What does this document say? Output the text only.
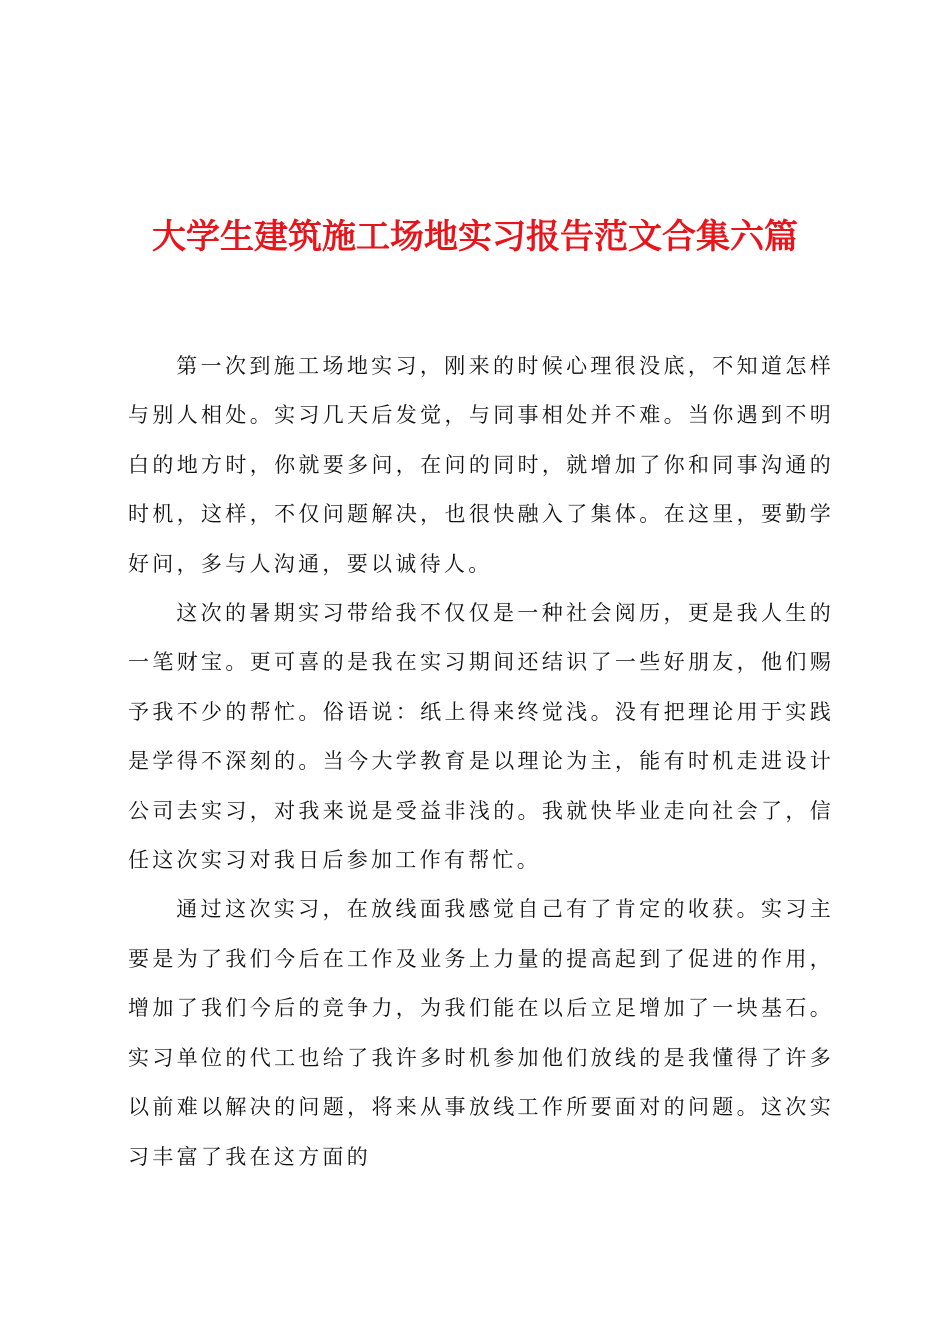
大学生建筑施工场地实习报告范文合集六篇

第一次到施工场地实习，刚来的时候心理很没底，不知道怎样与别人相处。实习几天后发觉，与同事相处并不难。当你遇到不明白的地方时，你就要多问，在问的同时，就增加了你和同事沟通的时机，这样，不仅问题解决，也很快融入了集体。在这里，要勤学好问，多与人沟通，要以诚待人。

这次的暑期实习带给我不仅仅是一种社会阅历，更是我人生的一笔财宝。更可喜的是我在实习期间还结识了一些好朋友，他们赐予我不少的帮忙。俗语说：纸上得来终觉浅。没有把理论用于实践是学得不深刻的。当今大学教育是以理论为主，能有时机走进设计公司去实习，对我来说是受益非浅的。我就快毕业走向社会了，信任这次实习对我日后参加工作有帮忙。

通过这次实习，在放线面我感觉自己有了肯定的收获。实习主要是为了我们今后在工作及业务上力量的提高起到了促进的作用，增加了我们今后的竞争力，为我们能在以后立足增加了一块基石。实习单位的代工也给了我许多时机参加他们放线的是我懂得了许多以前难以解决的问题，将来从事放线工作所要面对的问题。这次实习丰富了我在这方面的
